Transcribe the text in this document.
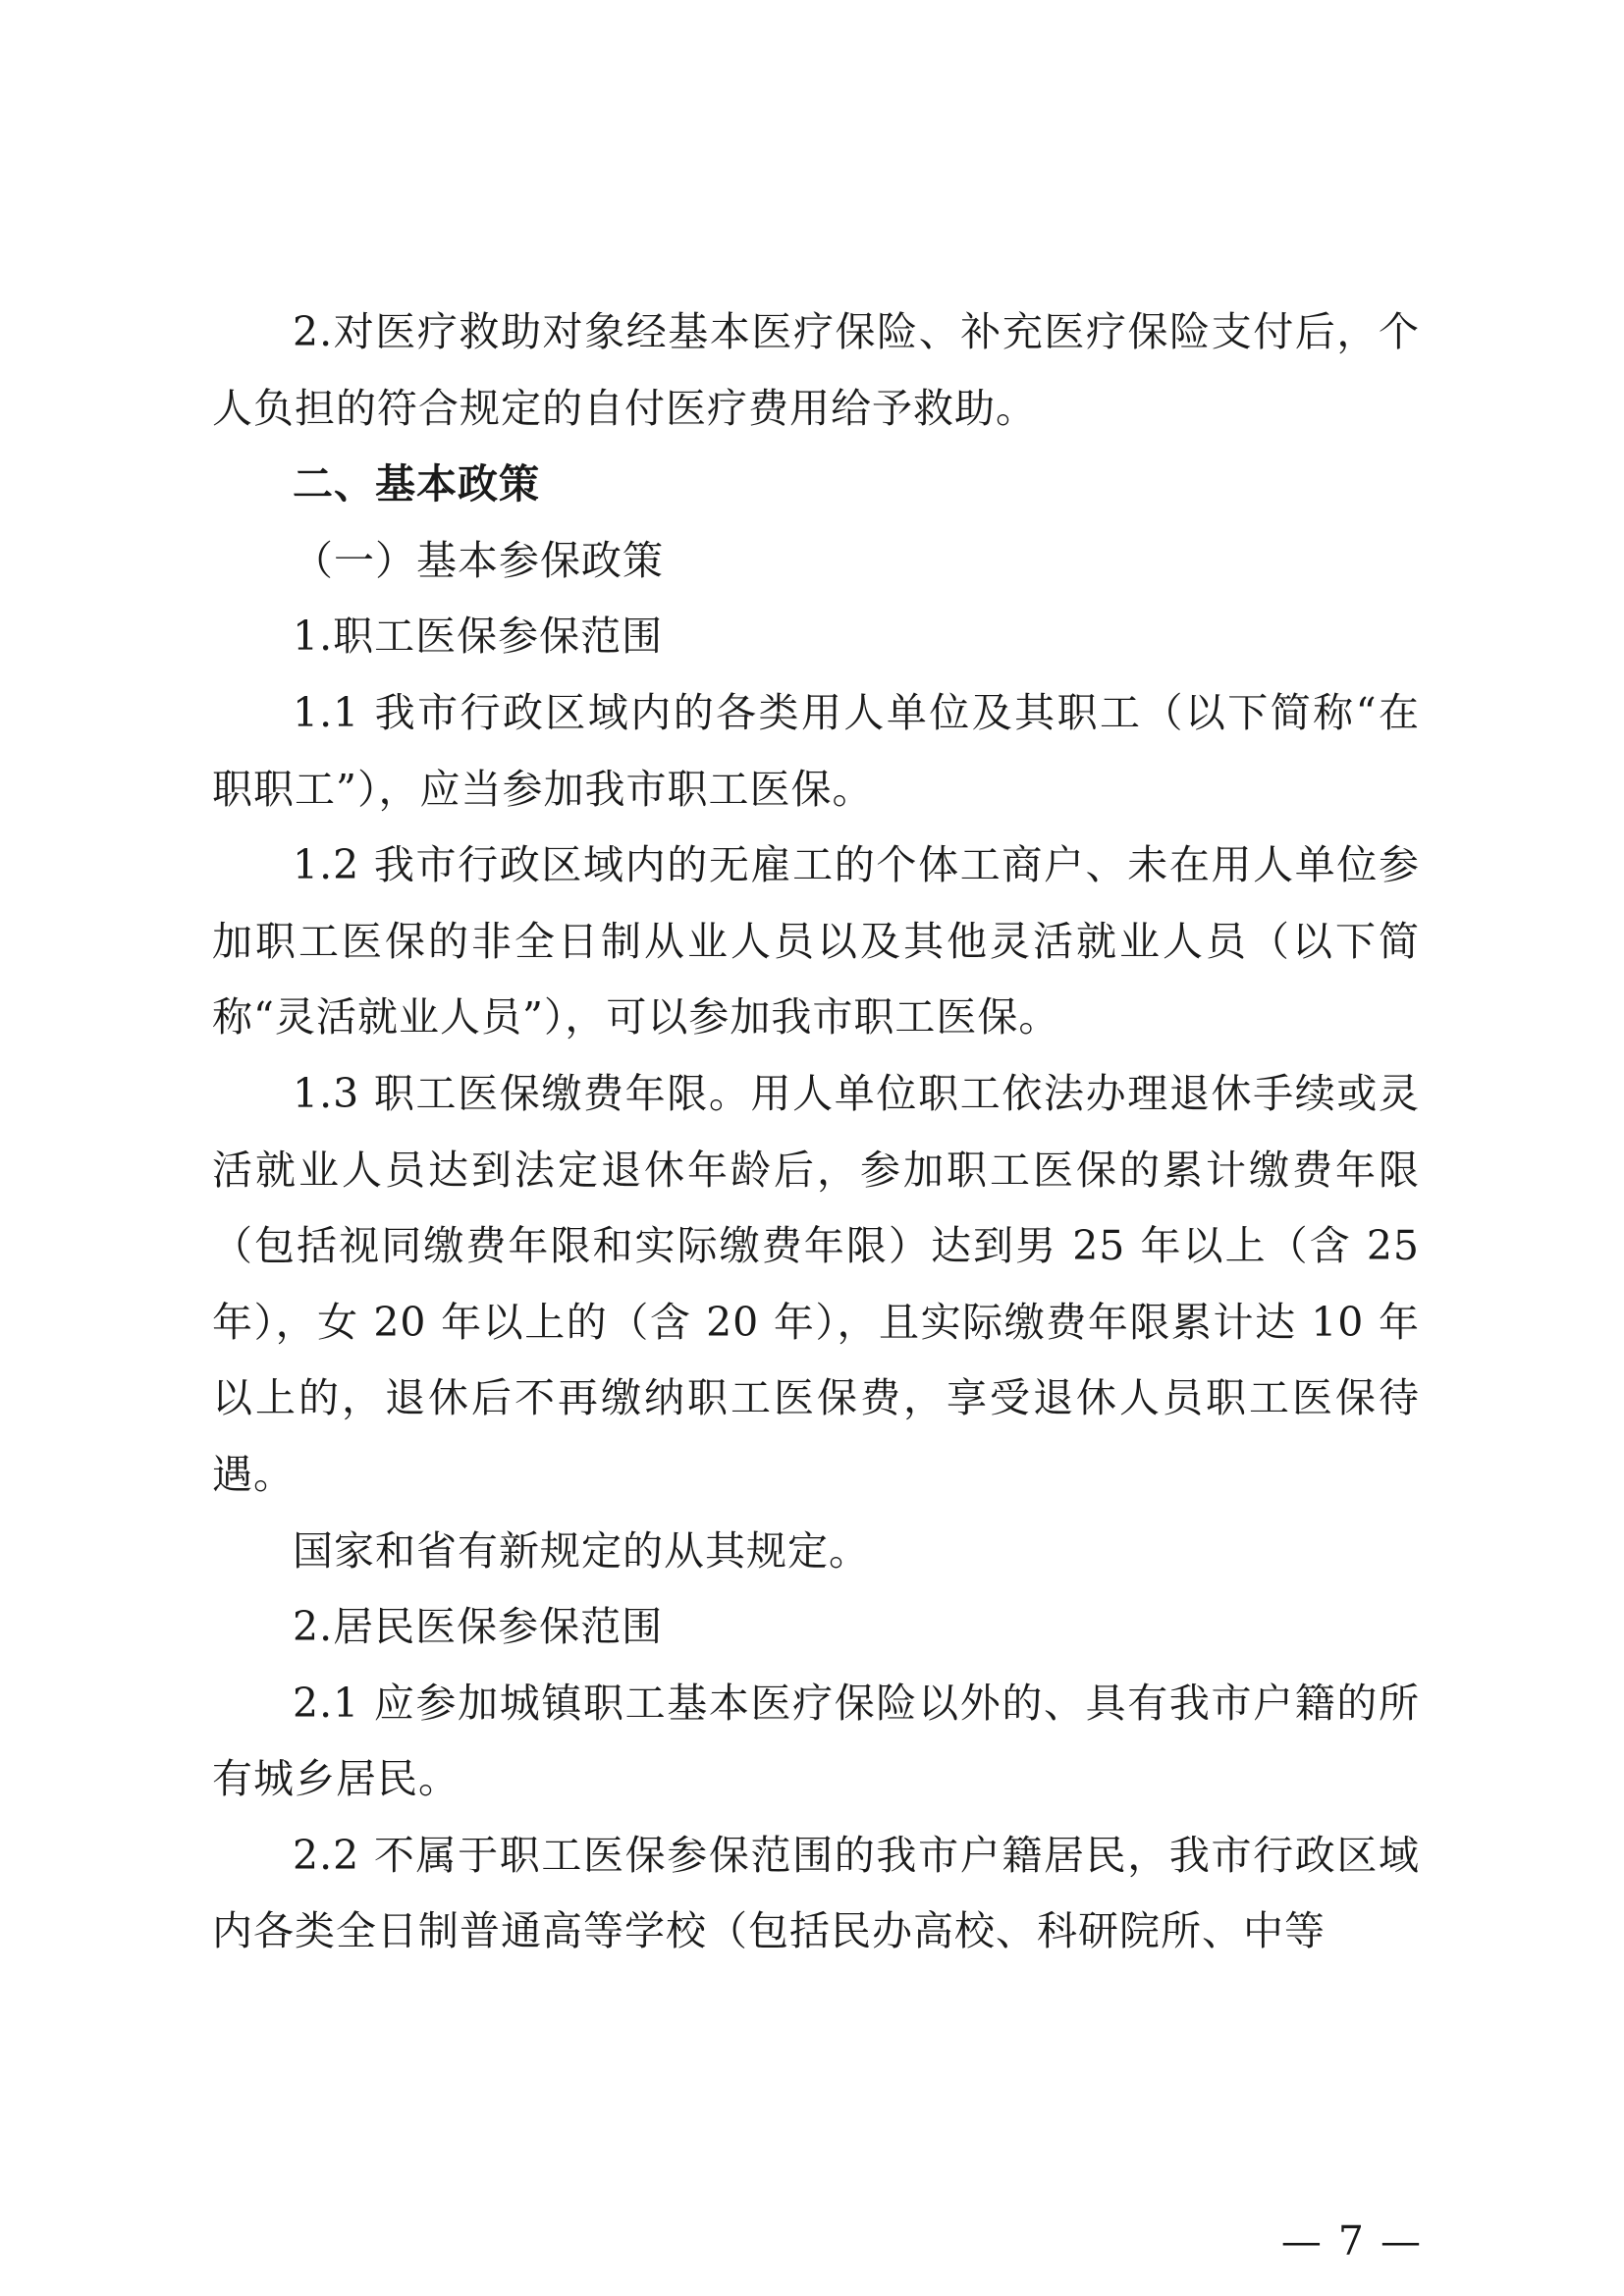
2.对医疗救助对象经基本医疗保险、补充医疗保险支付后，个人负担的符合规定的自付医疗费用给予救助。

二、基本政策

（一）基本参保政策

1.职工医保参保范围

1.1 我市行政区域内的各类用人单位及其职工（以下简称“在职职工”），应当参加我市职工医保。

1.2 我市行政区域内的无雇工的个体工商户、未在用人单位参加职工医保的非全日制从业人员以及其他灵活就业人员（以下简称“灵活就业人员”），可以参加我市职工医保。

1.3 职工医保缴费年限。用人单位职工依法办理退休手续或灵活就业人员达到法定退休年龄后，参加职工医保的累计缴费年限（包括视同缴费年限和实际缴费年限）达到男 25 年以上（含 25 年），女 20 年以上的（含 20 年），且实际缴费年限累计达 10 年以上的，退休后不再缴纳职工医保费，享受退休人员职工医保待遇。

国家和省有新规定的从其规定。

2.居民医保参保范围

2.1 应参加城镇职工基本医疗保险以外的、具有我市户籍的所有城乡居民。

2.2 不属于职工医保参保范围的我市户籍居民，我市行政区域内各类全日制普通高等学校（包括民办高校、科研院所、中等

— 7 —
